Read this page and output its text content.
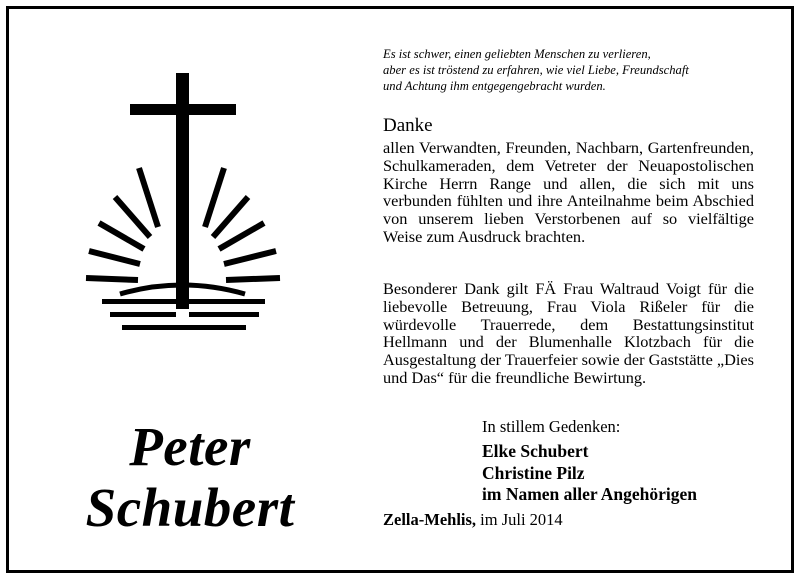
Peter
Schubert
Es ist schwer, einen geliebten Menschen zu verlieren,
aber es ist tröstend zu erfahren, wie viel Liebe, Freundschaft
und Achtung ihm entgegengebracht wurden.
Danke
allen Verwandten, Freunden, Nachbarn, Gartenfreunden, Schulkameraden, dem Vetreter der Neuapostolischen Kirche Herrn Range und allen, die sich mit uns verbunden fühlten und ihre Anteilnahme beim Abschied von unserem lieben Verstorbenen auf so vielfältige Weise zum Ausdruck brachten.
Besonderer Dank gilt FÄ Frau Waltraud Voigt für die liebevolle Betreuung, Frau Viola Rißeler für die würdevolle Trauerrede, dem Bestattungsinstitut Hellmann und der Blumenhalle Klotzbach für die Ausgestaltung der Trauerfeier sowie der Gaststätte „Dies und Das“ für die freundliche Bewirtung.
In stillem Gedenken:
Elke Schubert
Christine Pilz
im Namen aller Angehörigen
Zella-Mehlis, im Juli 2014
